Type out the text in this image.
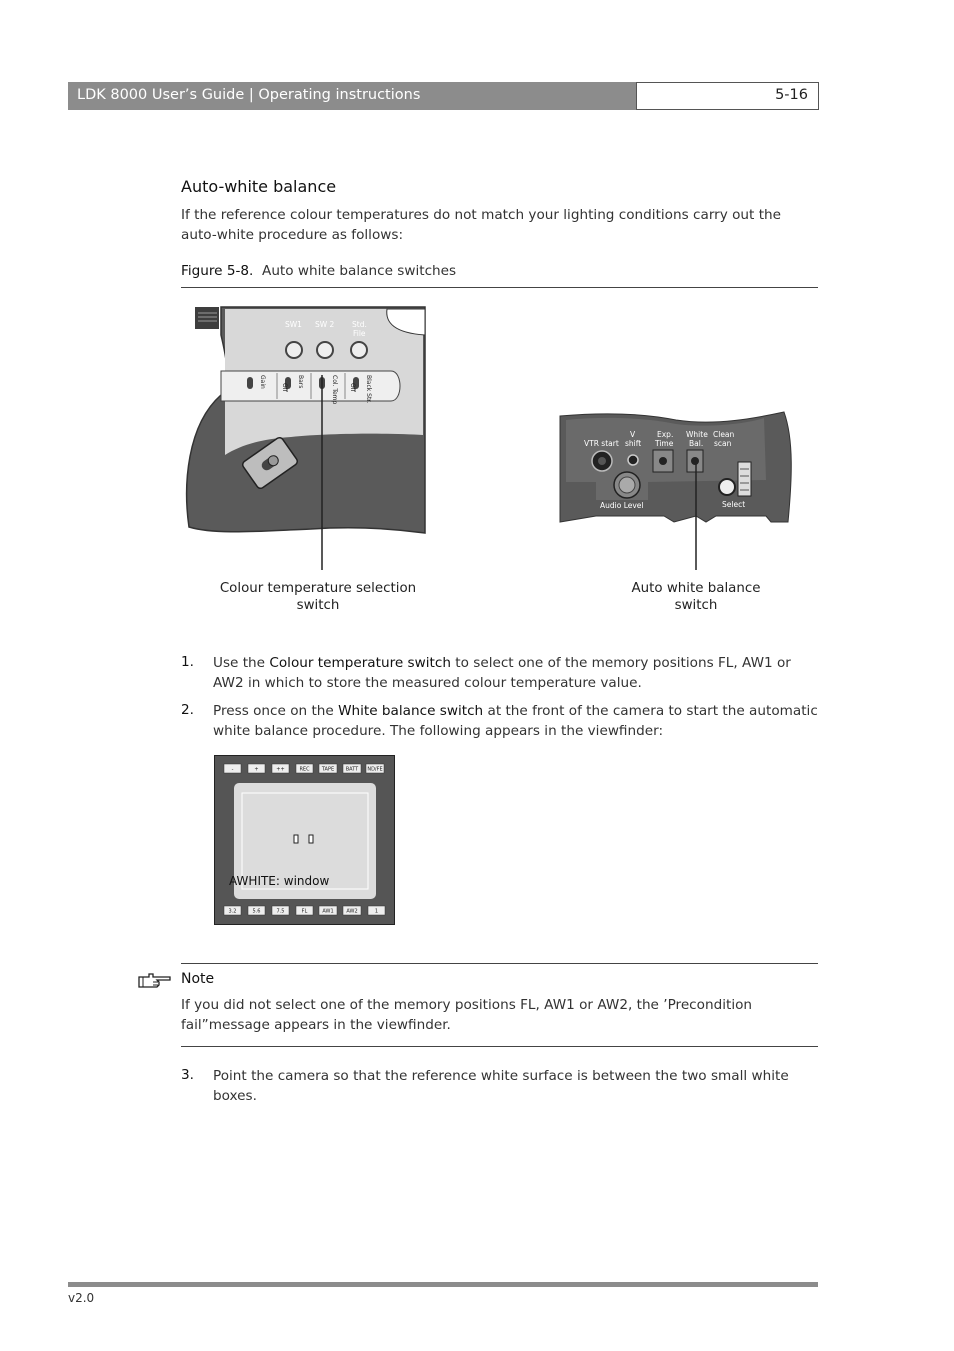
LDK 8000 User’s Guide | Operating instructions	5-16
Auto-white balance
If the reference colour temperatures do not match your lighting conditions carry out the auto-white procedure as follows:
Figure 5-8. Auto white balance switches
SW1 SW 2 Std.
File
Gain	Bars
Off	Col. Temp Off Black Str.
VTR start
V
shift
Exp.
Time
White
Bal.
Clean
scan
Audio Level	Select
Colour temperature selection
switch
Auto white balance
switch
1. Use the Colour temperature switch to select one of the memory positions FL, AW1 or AW2 in which to store the measured colour temperature value.
2. Press once on the White balance switch at the front of the camera to start the automatic white balance procedure. The following appears in the viewfinder:
-	+	++	REC TAPE BATT ND/FE
3.2	5.6	7.5	FL	AW1	AW2	1
AWHITE: window
Note
If you did not select one of the memory positions FL, AW1 or AW2, the ’Precondition fail”message appears in the viewfinder.
3. Point the camera so that the reference white surface is between the two small white boxes.
v2.0
